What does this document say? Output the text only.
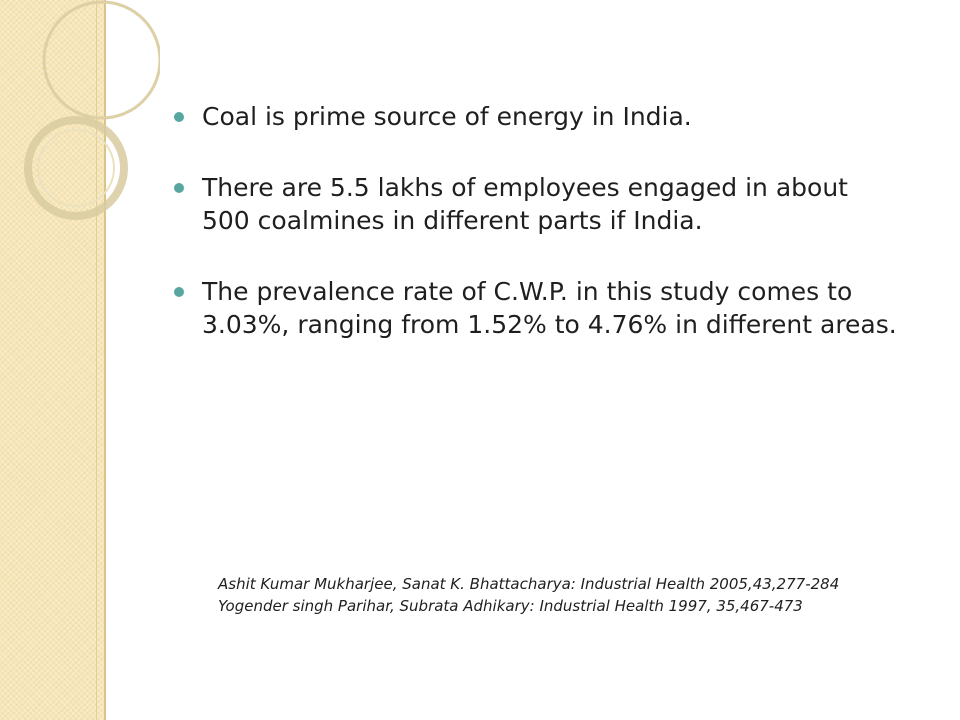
Coal is prime source of energy in India.
There are 5.5 lakhs of employees engaged in about 500 coalmines in different parts if India.
The prevalence rate of C.W.P. in this study comes to 3.03%, ranging from 1.52% to 4.76% in different areas.
Ashit Kumar Mukharjee, Sanat K. Bhattacharya: Industrial Health 2005,43,277-284
Yogender singh Parihar, Subrata Adhikary: Industrial Health 1997, 35,467-473
